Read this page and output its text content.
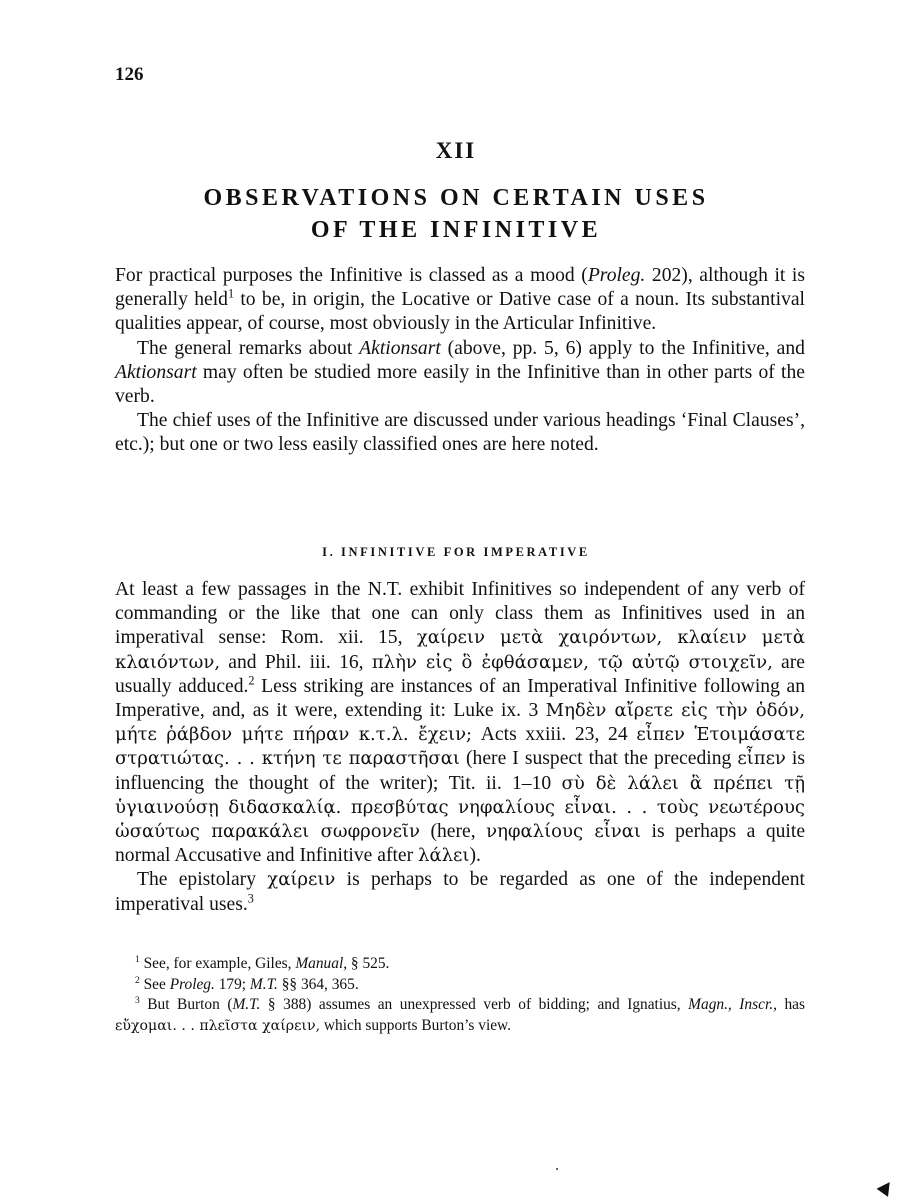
126
XII
OBSERVATIONS ON CERTAIN USES
OF THE INFINITIVE

For practical purposes the Infinitive is classed as a mood (Proleg. 202), although it is generally held$^1$ to be, in origin, the Locative or Dative case of a noun. Its substantival qualities appear, of course, most obviously in the Articular Infinitive.

The general remarks about Aktionsart (above, pp. 5, 6) apply to the Infinitive, and Aktionsart may often be studied more easily in the Infinitive than in other parts of the verb.

The chief uses of the Infinitive are discussed under various headings ‘Final Clauses’, etc.); but one or two less easily classified ones are here noted.

I. INFINITIVE FOR IMPERATIVE

At least a few passages in the N.T. exhibit Infinitives so independent of any verb of commanding or the like that one can only class them as Infinitives used in an imperatival sense: Rom. xii. 15, χαίρειν μετὰ χαιρόντων, κλαίειν μετὰ κλαιόντων, and Phil. iii. 16, πλὴν εἰς ὃ ἐφθάσαμεν, τῷ αὐτῷ στοιχεῖν, are usually adduced.$^2$ Less striking are instances of an Imperatival Infinitive following an Imperative, and, as it were, extending it: Luke ix. 3 Μηδὲν αἴρετε εἰς τὴν ὁδόν, μήτε ῥάβδον μήτε πήραν κ.τ.λ. ἔχειν; Acts xxiii. 23, 24 εἶπεν Ἑτοιμάσατε στρατιώτας. . . κτήνη τε παραστῆσαι (here I suspect that the preceding εἶπεν is influencing the thought of the writer); Tit. ii. 1–10 σὺ δὲ λάλει ἃ πρέπει τῇ ὑγιαινούσῃ διδασκαλίᾳ. πρεσβύτας νηφαλίους εἶναι. . . τοὺς νεωτέρους ὡσαύτως παρακάλει σωφρονεῖν (here, νηφαλίους εἶναι is perhaps a quite normal Accusative and Infinitive after λάλει).

The epistolary χαίρειν is perhaps to be regarded as one of the independent imperatival uses.$^3$

$^1$ See, for example, Giles, Manual, § 525.

$^2$ See Proleg. 179; M.T. §§ 364, 365.

$^3$ But Burton (M.T. § 388) assumes an unexpressed verb of bidding; and Ignatius, Magn., Inscr., has εὔχομαι. . . πλεῖστα χαίρειν, which supports Burton’s view.
